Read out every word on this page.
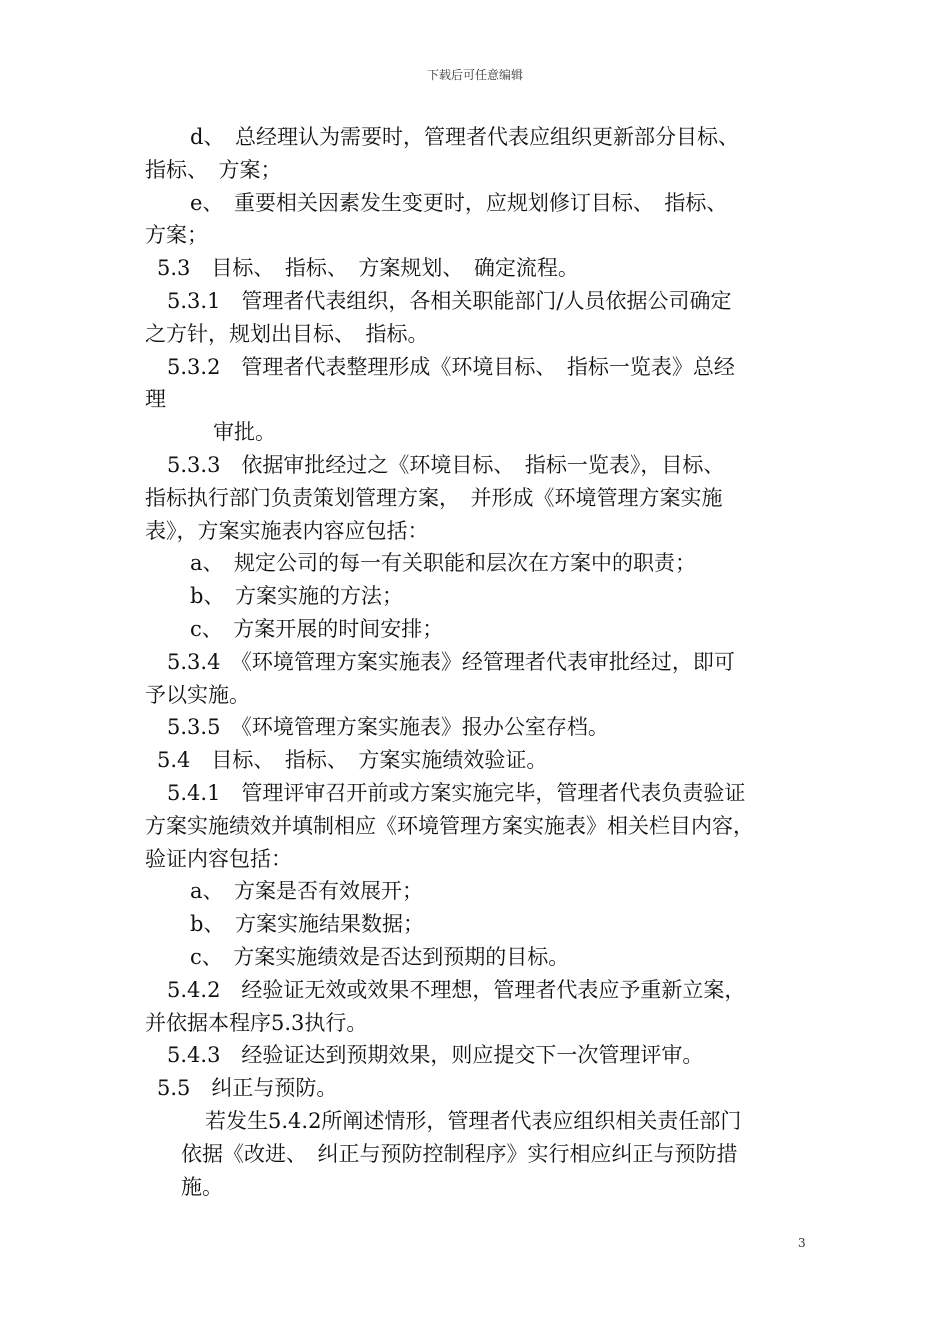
下载后可任意编辑
d、　总经理认为需要时，管理者代表应组织更新部分目标、
指标、　方案；
e、　重要相关因素发生变更时，应规划修订目标、　指标、
方案；
5.3　目标、　指标、　方案规划、　确定流程。
5.3.1　管理者代表组织，各相关职能部门/人员依据公司确定
之方针，规划出目标、　指标。
5.3.2　管理者代表整理形成《环境目标、　指标一览表》总经
理
审批。
5.3.3　依据审批经过之《环境目标、　指标一览表》，目标、
指标执行部门负责策划管理方案，　并形成《环境管理方案实施
表》，方案实施表内容应包括：
a、　规定公司的每一有关职能和层次在方案中的职责；
b、　方案实施的方法；
c、　方案开展的时间安排；
5.3.4　《环境管理方案实施表》经管理者代表审批经过，即可
予以实施。
5.3.5　《环境管理方案实施表》报办公室存档。
5.4　目标、　指标、　方案实施绩效验证。
5.4.1　管理评审召开前或方案实施完毕，管理者代表负责验证
方案实施绩效并填制相应《环境管理方案实施表》相关栏目内容，
验证内容包括：
a、　方案是否有效展开；
b、　方案实施结果数据；
c、　方案实施绩效是否达到预期的目标。
5.4.2　经验证无效或效果不理想，管理者代表应予重新立案，
并依据本程序5.3执行。
5.4.3　经验证达到预期效果，则应提交下一次管理评审。
5.5　纠正与预防。
若发生5.4.2所阐述情形，管理者代表应组织相关责任部门
依据《改进、　纠正与预防控制程序》实行相应纠正与预防措
施。
3
